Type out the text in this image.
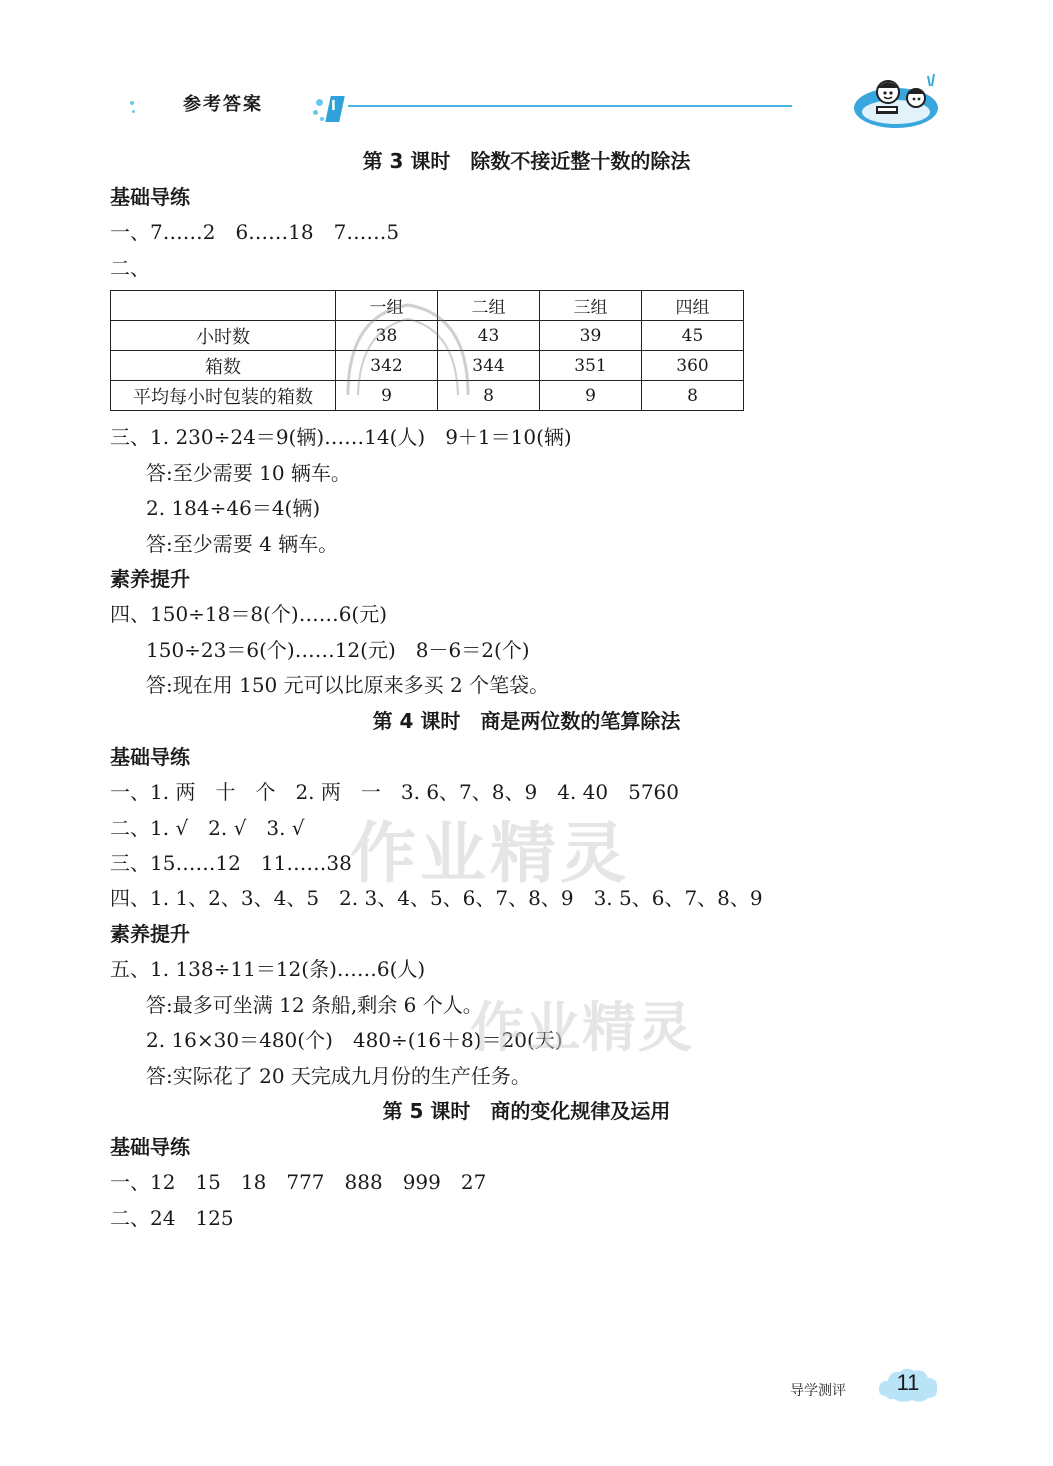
参考答案	I
第 3 课时  除数不接近整十数的除法
基础导练
一、7……2　6……18　7……5
二、
	一组	二组	三组	四组
小时数	38	43	39	45
箱数	342	344	351	360
平均每小时包装的箱数	9	8	9	8
三、1. 230÷24＝9(辆)……14(人)　9＋1＝10(辆)
答:至少需要 10 辆车。
2. 184÷46＝4(辆)
答:至少需要 4 辆车。
素养提升
四、150÷18＝8(个)……6(元)
150÷23＝6(个)……12(元)　8－6＝2(个)
答:现在用 150 元可以比原来多买 2 个笔袋。
第 4 课时  商是两位数的笔算除法
基础导练
一、1. 两　十　个　2. 两　一　3. 6、7、8、9　4. 40　5760
二、1. √　2. √　3. √
三、15……12　11……38
四、1. 1、2、3、4、5　2. 3、4、5、6、7、8、9　3. 5、6、7、8、9
素养提升
五、1. 138÷11＝12(条)……6(人)
答:最多可坐满 12 条船,剩余 6 个人。
2. 16×30＝480(个)　480÷(16＋8)＝20(天)
答:实际花了 20 天完成九月份的生产任务。
第 5 课时  商的变化规律及运用
基础导练
一、12　15　18　777　888　999　27
二、24　125
作业精灵
作业精灵
导学测评	11
